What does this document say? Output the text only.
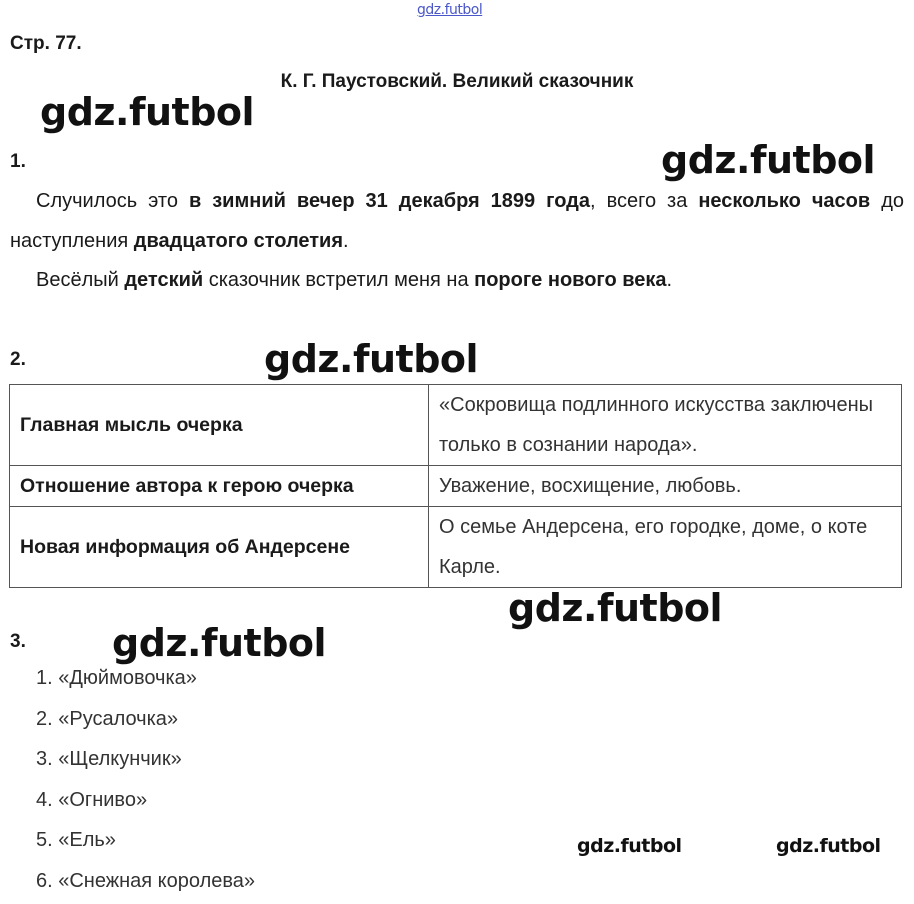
gdz.futbol
gdz.futbol
gdz.futbol
gdz.futbol
gdz.futbol
gdz.futbol
gdz.futbol	gdz.futbol
Стр. 77.
К. Г. Паустовский. Великий сказочник
1.
Случилось это в зимний вечер 31 декабря 1899 года, всего за несколько часов до наступления двадцатого столетия.
Весёлый детский сказочник встретил меня на пороге нового века.
2.
Главная мысль очерка	«Сокровища подлинного искусства заключены только в сознании народа».
Отношение автора к герою очерка	Уважение, восхищение, любовь.
Новая информация об Андерсене	О семье Андерсена, его городке, доме, о коте Карле.
3.
1. «Дюймовочка»
2. «Русалочка»
3. «Щелкунчик»
4. «Огниво»
5. «Ель»
6. «Снежная королева»
